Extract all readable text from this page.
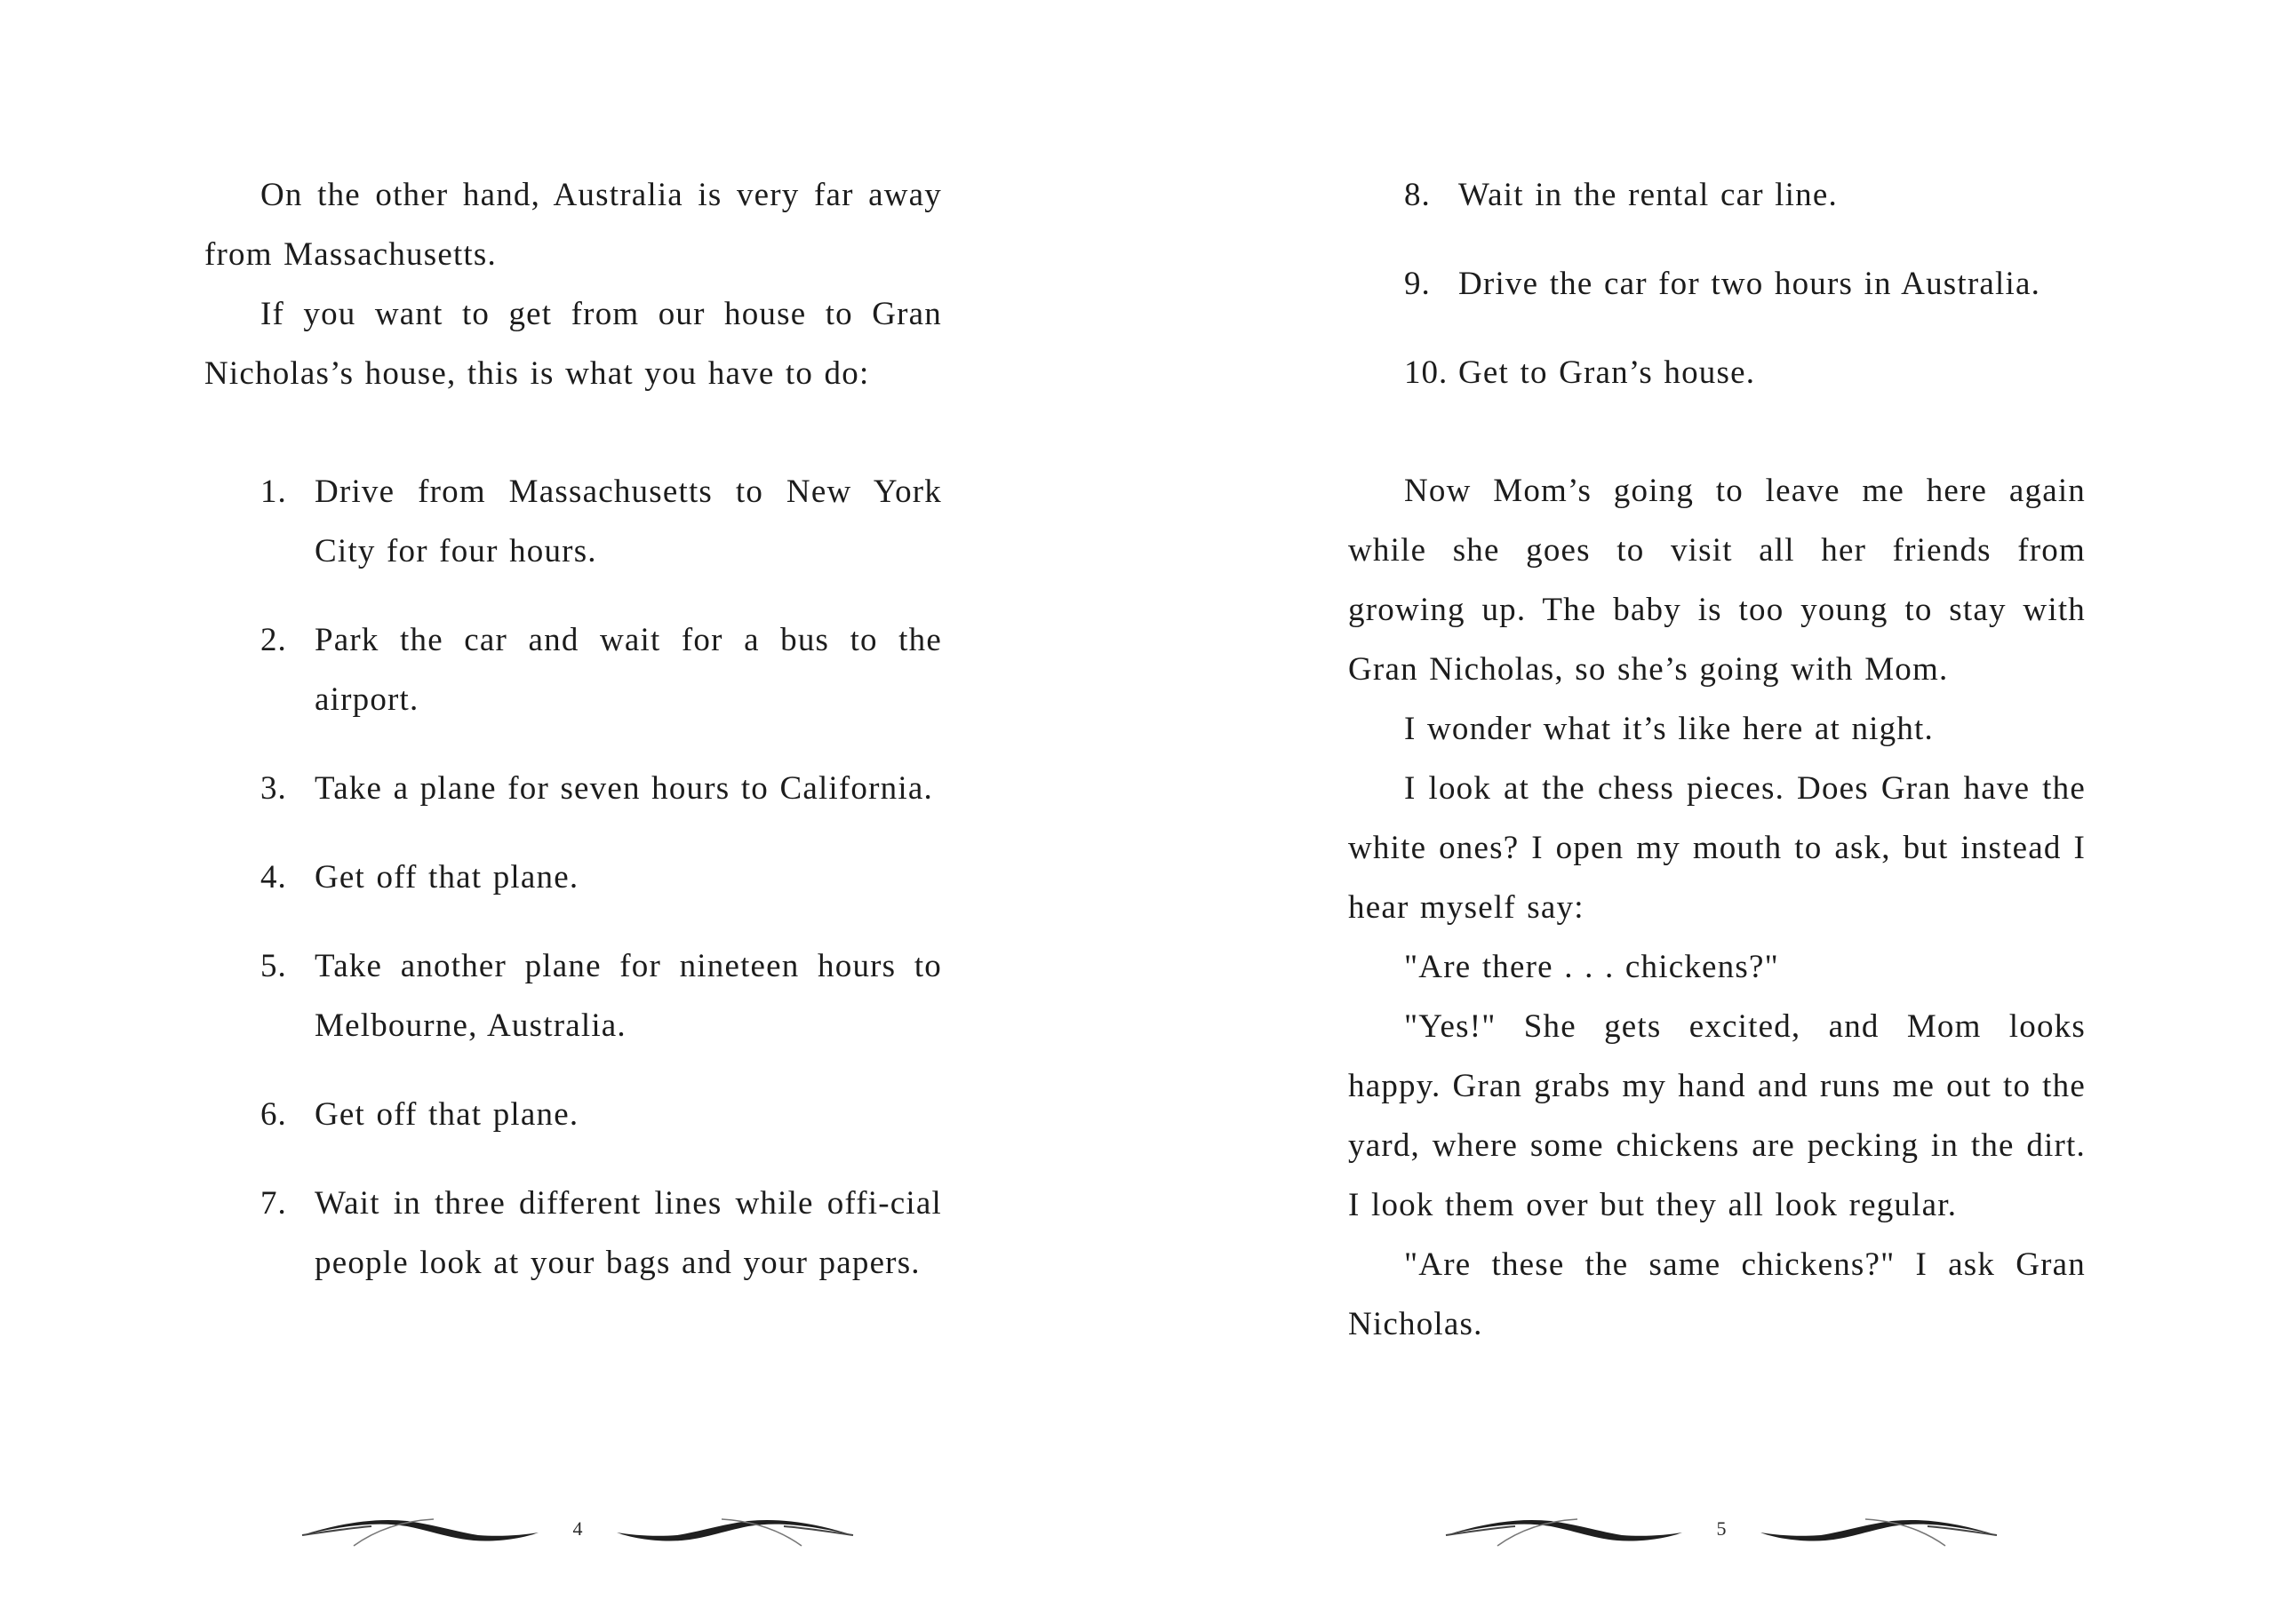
On the other hand, Australia is very far away from Massachusetts.

If you want to get from our house to Gran Nicholas’s house, this is what you have to do:

1. Drive from Massachusetts to New York City for four hours.
2. Park the car and wait for a bus to the airport.
3. Take a plane for seven hours to California.
4. Get off that plane.
5. Take another plane for nineteen hours to Melbourne, Australia.
6. Get off that plane.
7. Wait in three different lines while offi-cial people look at your bags and your papers.
4
8. Wait in the rental car line.
9. Drive the car for two hours in Australia.
10. Get to Gran’s house.

Now Mom’s going to leave me here again while she goes to visit all her friends from growing up. The baby is too young to stay with Gran Nicholas, so she’s going with Mom.

I wonder what it’s like here at night.

I look at the chess pieces. Does Gran have the white ones? I open my mouth to ask, but instead I hear myself say:

"Are there . . . chickens?"

"Yes!" She gets excited, and Mom looks happy. Gran grabs my hand and runs me out to the yard, where some chickens are pecking in the dirt. I look them over but they all look regular.

"Are these the same chickens?" I ask Gran Nicholas.

5
